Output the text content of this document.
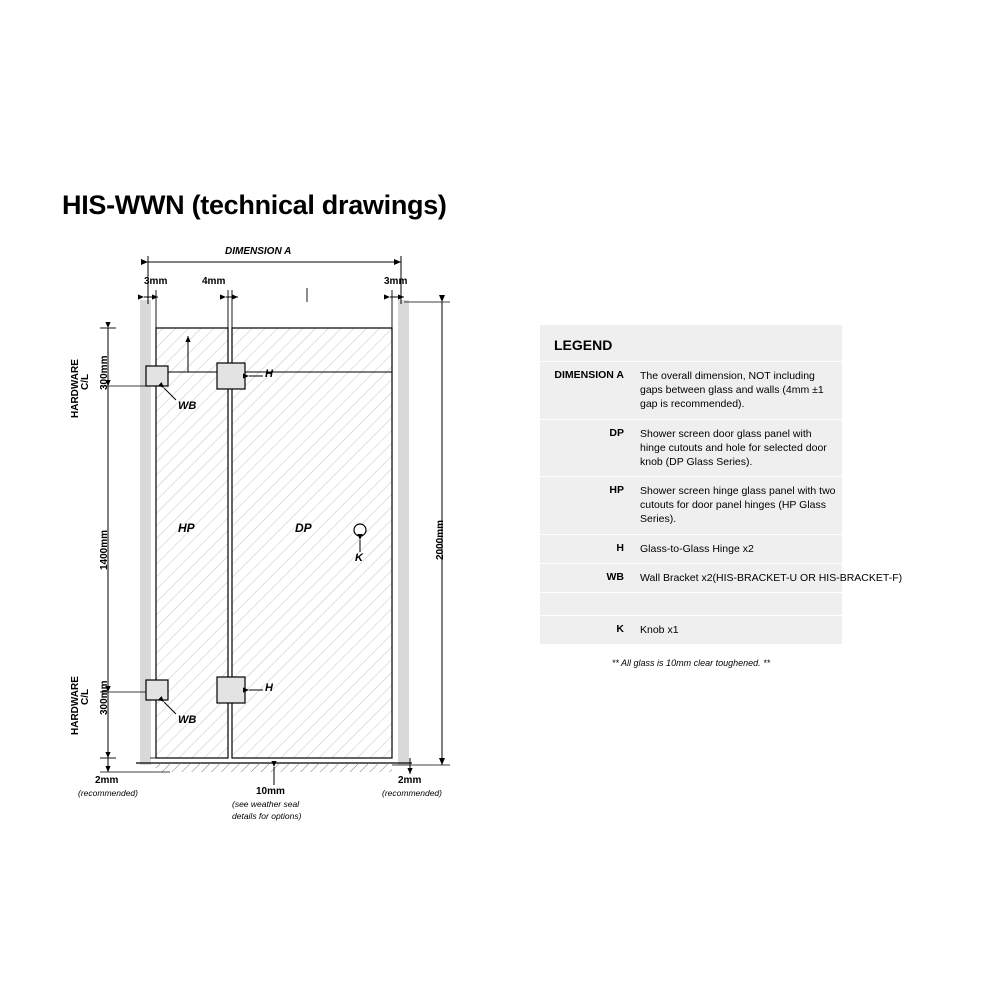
HIS-WWN (technical drawings)
DIMENSION A
3mm	4mm	3mm
C/L
HARDWARE 300mm
1400mm
C/L
HARDWARE 300mm
2000mm
HP	DP
H
H
WB
WB
K
2mm
(recommended)	10mm
(see weather seal
details for options)
2mm
(recommended)
LEGEND
DIMENSION A	The overall dimension, NOT including gaps between glass and walls (4mm ±1 gap is recommended).
DP	Shower screen door glass panel with hinge cutouts and hole for selected door knob (DP Glass Series).
HP	Shower screen hinge glass panel with two cutouts for door panel hinges (HP Glass Series).
H	Glass-to-Glass Hinge x2
WB	Wall Bracket x2(HIS-BRACKET-U OR HIS-BRACKET-F)
K	Knob x1
** All glass is 10mm clear toughened. **
